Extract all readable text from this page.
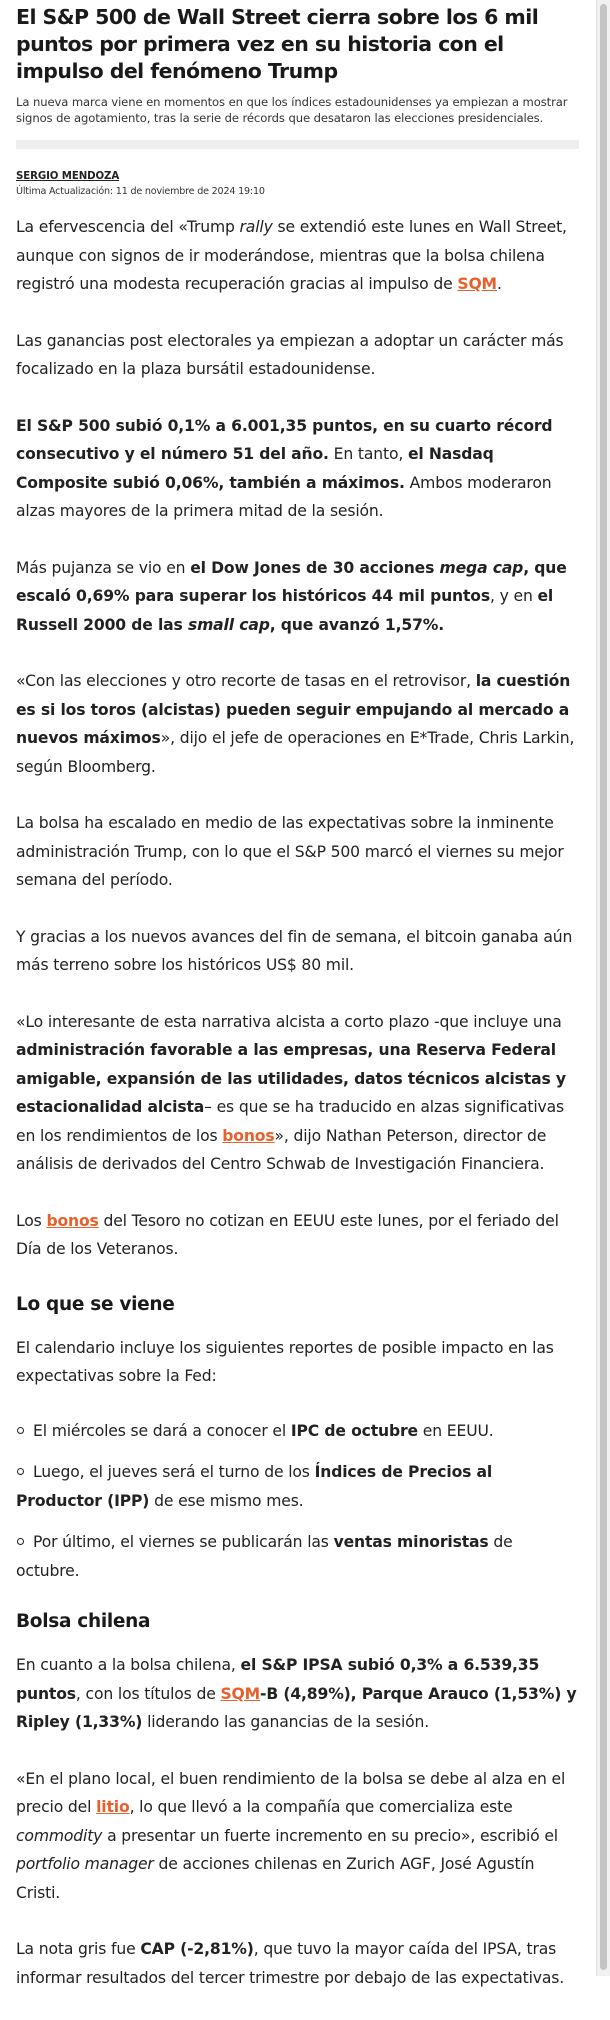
El S&P 500 de Wall Street cierra sobre los 6 mil puntos por primera vez en su historia con el impulso del fenómeno Trump

La nueva marca viene en momentos en que los índices estadounidenses ya empiezan a mostrar signos de agotamiento, tras la serie de récords que desataron las elecciones presidenciales.

SERGIO MENDOZA
Última Actualización: 11 de noviembre de 2024 19:10

La efervescencia del «Trump rally se extendió este lunes en Wall Street, aunque con signos de ir moderándose, mientras que la bolsa chilena registró una modesta recuperación gracias al impulso de SQM.

Las ganancias post electorales ya empiezan a adoptar un carácter más focalizado en la plaza bursátil estadounidense.

El S&P 500 subió 0,1% a 6.001,35 puntos, en su cuarto récord consecutivo y el número 51 del año. En tanto, el Nasdaq Composite subió 0,06%, también a máximos. Ambos moderaron alzas mayores de la primera mitad de la sesión.

Más pujanza se vio en el Dow Jones de 30 acciones mega cap, que escaló 0,69% para superar los históricos 44 mil puntos, y en el Russell 2000 de las small cap, que avanzó 1,57%.

«Con las elecciones y otro recorte de tasas en el retrovisor, la cuestión es si los toros (alcistas) pueden seguir empujando al mercado a nuevos máximos», dijo el jefe de operaciones en E*Trade, Chris Larkin, según Bloomberg.

La bolsa ha escalado en medio de las expectativas sobre la inminente administración Trump, con lo que el S&P 500 marcó el viernes su mejor semana del período.

Y gracias a los nuevos avances del fin de semana, el bitcoin ganaba aún más terreno sobre los históricos US$ 80 mil.

«Lo interesante de esta narrativa alcista a corto plazo -que incluye una administración favorable a las empresas, una Reserva Federal amigable, expansión de las utilidades, datos técnicos alcistas y estacionalidad alcista– es que se ha traducido en alzas significativas en los rendimientos de los bonos», dijo Nathan Peterson, director de análisis de derivados del Centro Schwab de Investigación Financiera.

Los bonos del Tesoro no cotizan en EEUU este lunes, por el feriado del Día de los Veteranos.

Lo que se viene

El calendario incluye los siguientes reportes de posible impacto en las expectativas sobre la Fed:

El miércoles se dará a conocer el IPC de octubre en EEUU.
Luego, el jueves será el turno de los Índices de Precios al Productor (IPP) de ese mismo mes.
Por último, el viernes se publicarán las ventas minoristas de octubre.
Bolsa chilena

En cuanto a la bolsa chilena, el S&P IPSA subió 0,3% a 6.539,35 puntos, con los títulos de SQM-B (4,89%), Parque Arauco (1,53%) y Ripley (1,33%) liderando las ganancias de la sesión.

«En el plano local, el buen rendimiento de la bolsa se debe al alza en el precio del litio, lo que llevó a la compañía que comercializa este commodity a presentar un fuerte incremento en su precio», escribió el portfolio manager de acciones chilenas en Zurich AGF, José Agustín Cristi.

La nota gris fue CAP (-2,81%), que tuvo la mayor caída del IPSA, tras informar resultados del tercer trimestre por debajo de las expectativas.
